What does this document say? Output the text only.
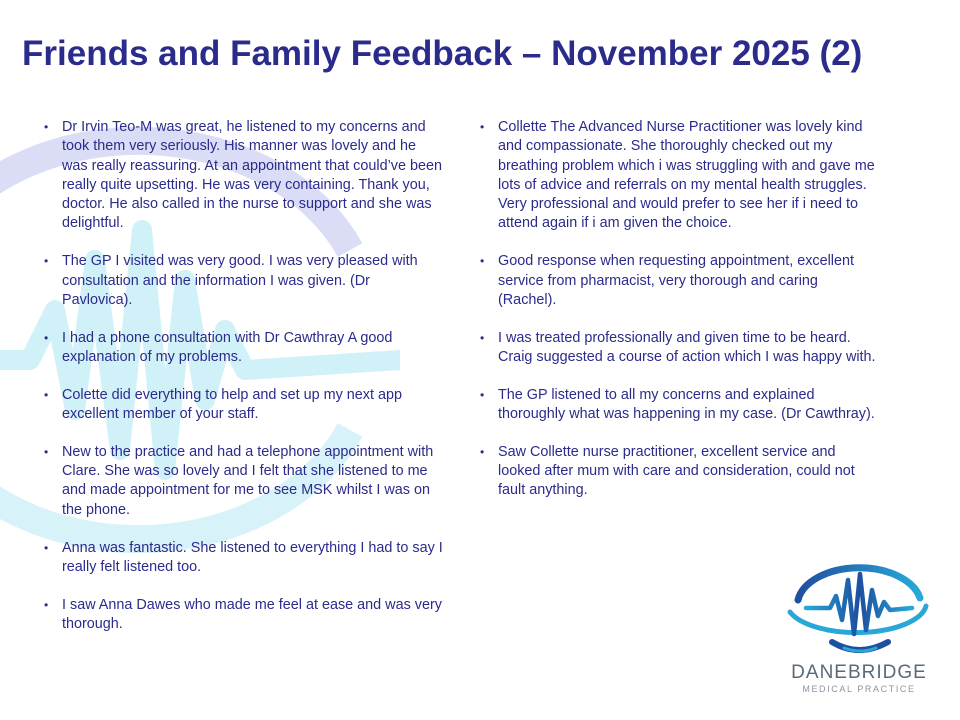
Friends and Family Feedback – November 2025 (2)
• Dr Irvin Teo-M was great, he listened to my concerns and took them very seriously. His manner was lovely and he was really reassuring. At an appointment that could’ve been really quite upsetting. He was very containing. Thank you, doctor. He also called in the nurse to support and she was delightful.
• The GP I visited was very good. I was very pleased with consultation and the information I was given. (Dr Pavlovica).
• I had a phone consultation with Dr Cawthray A good explanation of my problems.
• Colette did everything to help and set up my next app excellent member of your staff.
• New to the practice and had a telephone appointment with Clare. She was so lovely and I felt that she listened to me and made appointment for me to see MSK whilst I was on the phone.
• Anna was fantastic. She listened to everything I had to say I really felt listened too.
• I saw Anna Dawes who made me feel at ease and was very thorough.
• Collette The Advanced Nurse Practitioner was lovely kind and compassionate. She thoroughly checked out my breathing problem which i was struggling with and gave me lots of advice and referrals on my mental health struggles. Very professional and would prefer to see her if i need to attend again if i am given the choice.
• Good response when requesting appointment, excellent service from pharmacist, very thorough and caring (Rachel).
• I was treated professionally and given time to be heard. Craig suggested a course of action which I was happy with.
• The GP listened to all my concerns and explained thoroughly what was happening in my case. (Dr Cawthray).
• Saw Collette nurse practitioner, excellent service and looked after mum with care and consideration, could not fault anything.
DANEBRIDGE
MEDICAL PRACTICE
